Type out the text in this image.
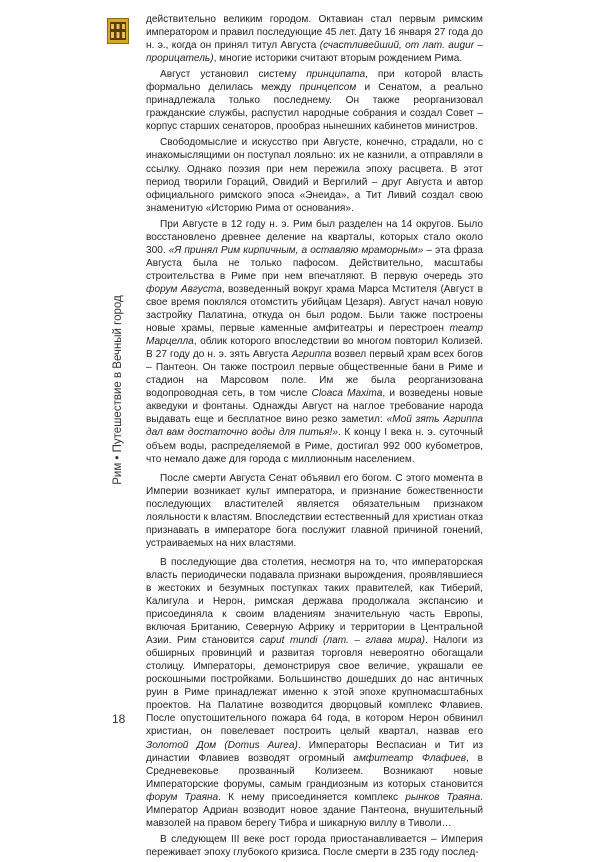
Рим • Путешествие в Вечный город
18

действительно великим городом. Октавиан стал первым римским императором и правил последующие 45 лет. Дату 16 января 27 года до н. э., когда он принял титул Августа (счастливейший, от лат. augur – прорицатель), многие историки считают вторым рождением Рима.

Август установил систему принципата, при которой власть формально делилась между принцепсом и Сенатом, а реально принадлежала только последнему. Он также реорганизовал гражданские службы, распустил народные собрания и создал Совет – корпус старших сенаторов, прообраз нынешних кабинетов министров.

Свободомыслие и искусство при Августе, конечно, страдали, но с инакомыслящими он поступал лояльно: их не казнили, а отправляли в ссылку. Однако поэзия при нем пережила эпоху расцвета. В этот период творили Гораций, Овидий и Вергилий – друг Августа и автор официального римского эпоса «Энеида», а Тит Ливий создал свою знаменитую «Историю Рима от основания».

При Августе в 12 году н. э. Рим был разделен на 14 округов. Было восстановлено древнее деление на кварталы, которых стало около 300. «Я принял Рим кирпичным, а оставляю мраморным» – эта фраза Августа была не только пафосом. Действительно, масштабы строительства в Риме при нем впечатляют. В первую очередь это форум Августа, возведенный вокруг храма Марса Мстителя (Август в свое время поклялся отомстить убийцам Цезаря). Август начал новую застройку Палатина, откуда он был родом. Были также построены новые храмы, первые каменные амфитеатры и перестроен театр Марцелла, облик которого впоследствии во многом повторил Колизей. В 27 году до н. э. зять Августа Агриппа возвел первый храм всех богов – Пантеон. Он также построил первые общественные бани в Риме и стадион на Марсовом поле. Им же была реорганизована водопроводная сеть, в том числе Cloaca Maxima, и возведены новые акведуки и фонтаны. Однажды Август на наглое требование народа выдавать еще и бесплатное вино резко заметил: «Мой зять Агриппа дал вам достаточно воды для питья!». К концу I века н. э. суточный объем воды, распределяемой в Риме, достигал 992 000 кубометров, что немало даже для города с миллионным населением.

После смерти Августа Сенат объявил его богом. С этого момента в Империи возникает культ императора, и признание божественности последующих властителей является обязательным признаком лояльности к властям. Впоследствии естественный для христиан отказ признавать в императоре бога послужит главной причиной гонений, устраиваемых на них властями.

В последующие два столетия, несмотря на то, что императорская власть периодически подавала признаки вырождения, проявлявшиеся в жестоких и безумных поступках таких правителей, как Тиберий, Калигула и Нерон, римская держава продолжала экспансию и присоединяла к своим владениям значительную часть Европы, включая Британию, Северную Африку и территории в Центральной Азии. Рим становится caput mundi (лат. – глава мира). Налоги из обширных провинций и развитая торговля невероятно обогащали столицу. Императоры, демонстрируя свое величие, украшали ее роскошными постройками. Большинство дошедших до нас античных руин в Риме принадлежат именно к этой эпохе крупномасштабных проектов. На Палатине возводится дворцовый комплекс Флавиев. После опустошительного пожара 64 года, в котором Нерон обвинил христиан, он повелевает построить целый квартал, назвав его Золотой Дом (Domus Aurea). Императоры Веспасиан и Тит из династии Флавиев возводят огромный амфитеатр Флафиев, в Средневековье прозванный Колизеем. Возникают новые Императорские форумы, самым грандиозным из которых становится форум Траяна. К нему присоединяется комплекс рынков Траяна. Император Адриан возводит новое здание Пантеона, внушительный мавзолей на правом берегу Тибра и шикарную виллу в Тиволи…

В следующем III веке рост города приостанавливается – Империя переживает эпоху глубокого кризиса. После смерти в 235 году послед-
